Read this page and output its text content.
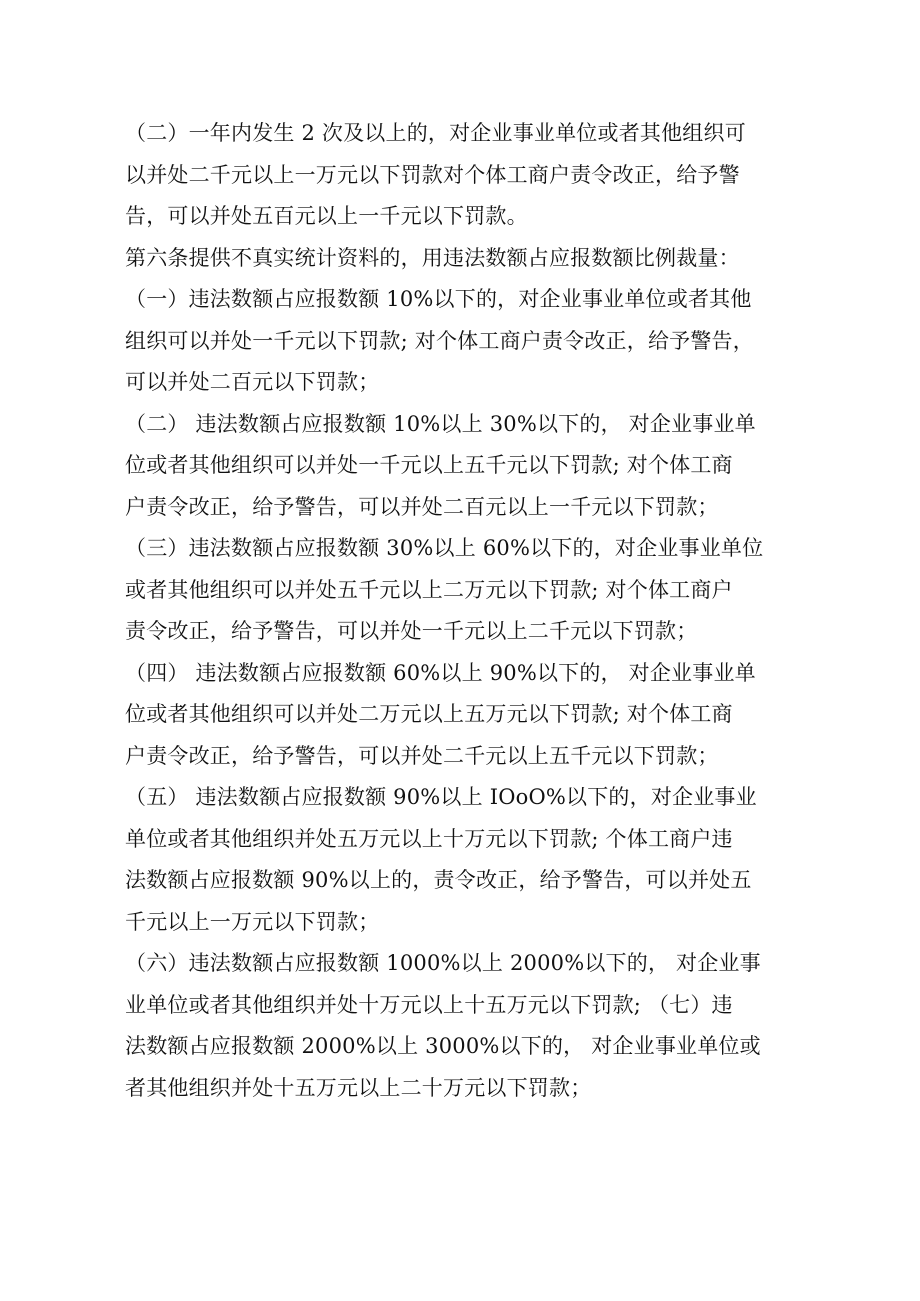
（二）一年内发生 2 次及以上的，对企业事业单位或者其他组织可
以并处二千元以上一万元以下罚款对个体工商户责令改正，给予警
告，可以并处五百元以上一千元以下罚款。

第六条提供不真实统计资料的，用违法数额占应报数额比例裁量：

（一）违法数额占应报数额 10%以下的，对企业事业单位或者其他
组织可以并处一千元以下罚款; 对个体工商户责令改正，给予警告，
可以并处二百元以下罚款；

（二） 违法数额占应报数额 10%以上 30%以下的， 对企业事业单
位或者其他组织可以并处一千元以上五千元以下罚款; 对个体工商
户责令改正，给予警告，可以并处二百元以上一千元以下罚款；

（三）违法数额占应报数额 30%以上 60%以下的，对企业事业单位
或者其他组织可以并处五千元以上二万元以下罚款; 对个体工商户
责令改正，给予警告，可以并处一千元以上二千元以下罚款；

（四） 违法数额占应报数额 60%以上 90%以下的， 对企业事业单
位或者其他组织可以并处二万元以上五万元以下罚款; 对个体工商
户责令改正，给予警告，可以并处二千元以上五千元以下罚款；

（五） 违法数额占应报数额 90%以上 IOoO%以下的，对企业事业
单位或者其他组织并处五万元以上十万元以下罚款; 个体工商户违
法数额占应报数额 90%以上的，责令改正，给予警告，可以并处五
千元以上一万元以下罚款；

（六）违法数额占应报数额 1000%以上 2000%以下的， 对企业事
业单位或者其他组织并处十万元以上十五万元以下罚款; （七）违
法数额占应报数额 2000%以上 3000%以下的， 对企业事业单位或
者其他组织并处十五万元以上二十万元以下罚款；
